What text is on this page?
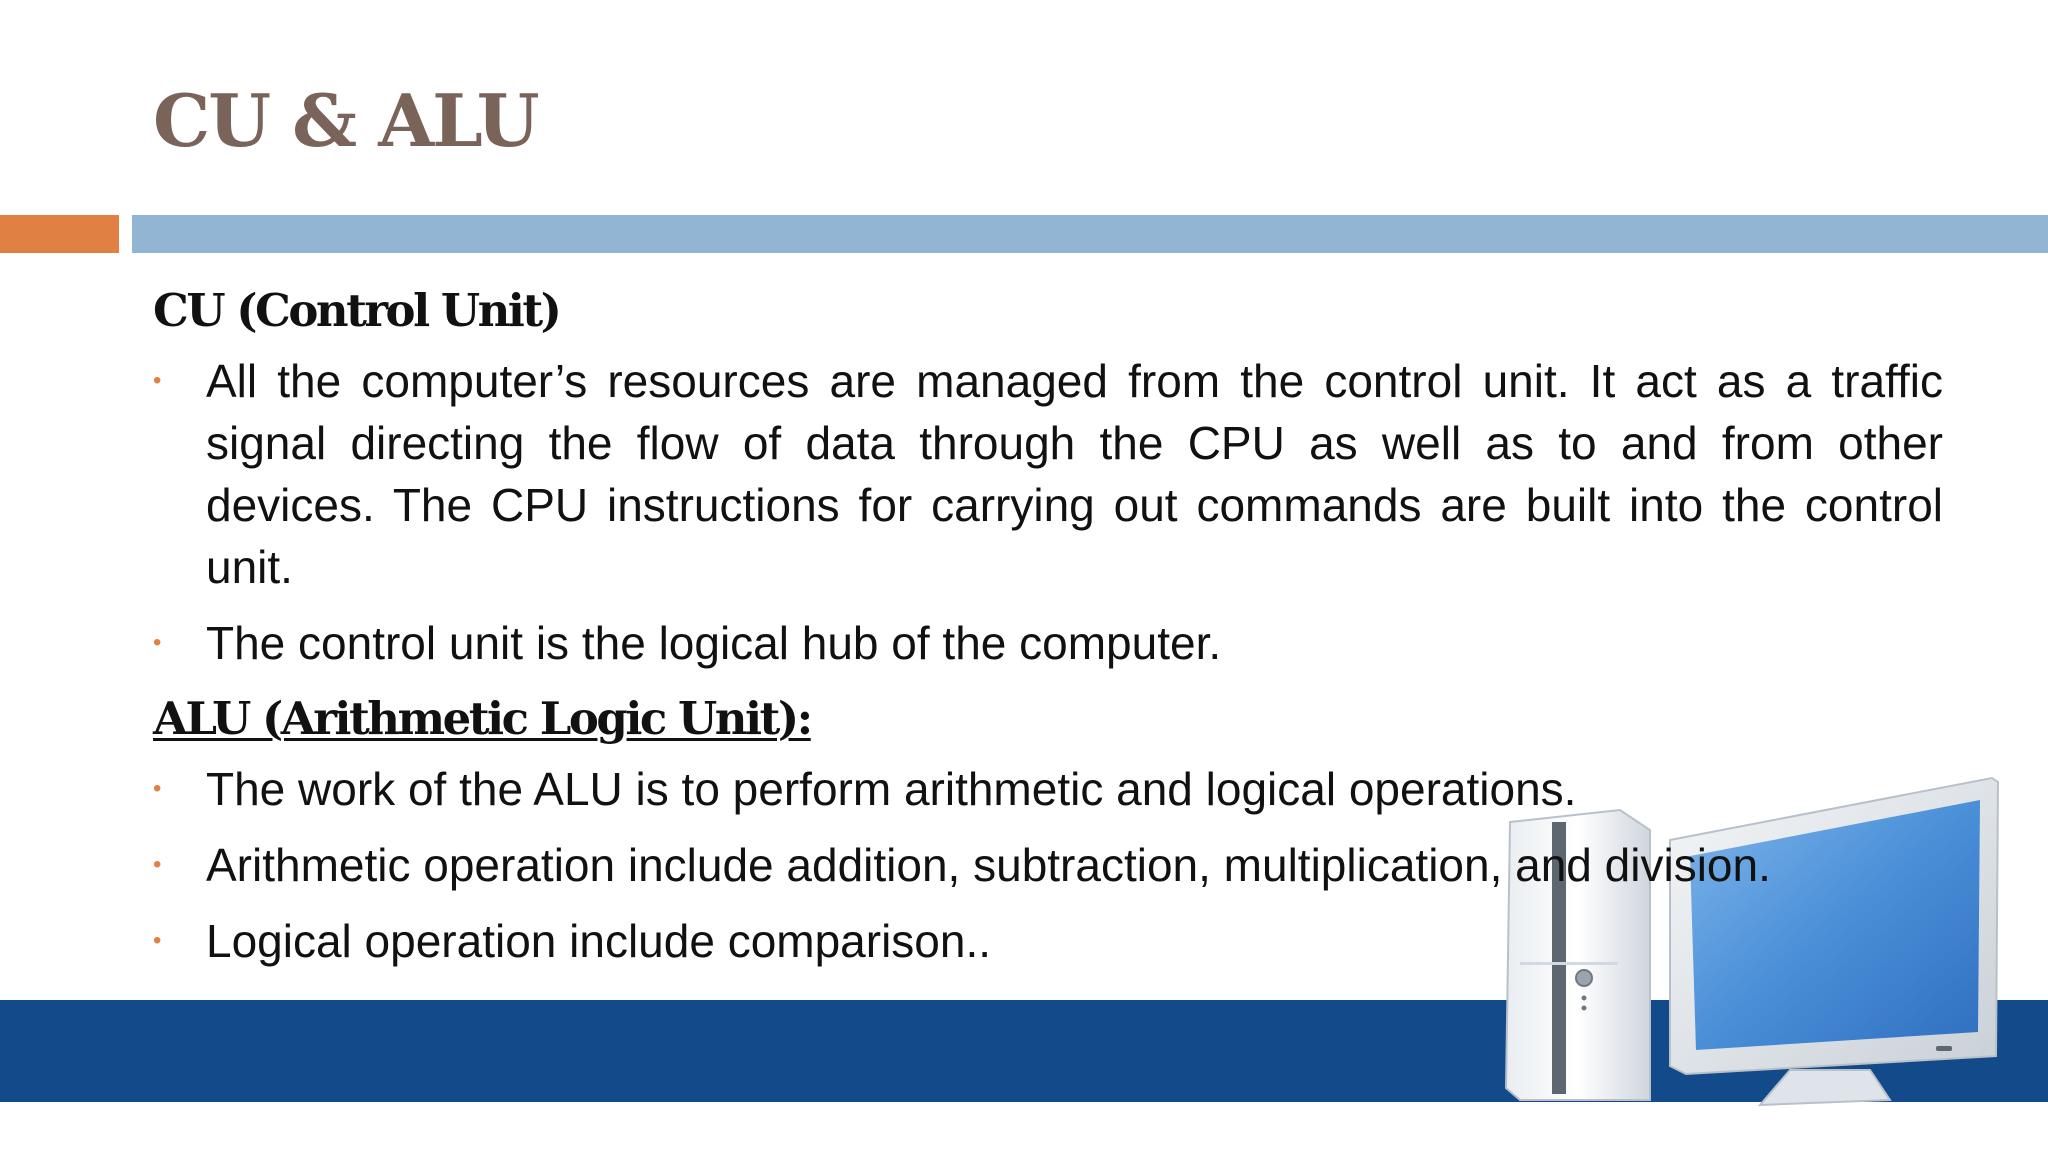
CU & ALU
CU (Control Unit)
• All the computer’s resources are managed from the control unit. It act as a traffic signal directing the flow of data through the CPU as well as to and from other devices. The CPU instructions for carrying out commands are built into the control unit.
• The control unit is the logical hub of the computer.
ALU (Arithmetic Logic Unit):
• The work of the ALU is to perform arithmetic and logical operations.
• Arithmetic operation include addition, subtraction, multiplication, and division.
• Logical operation include comparison..
